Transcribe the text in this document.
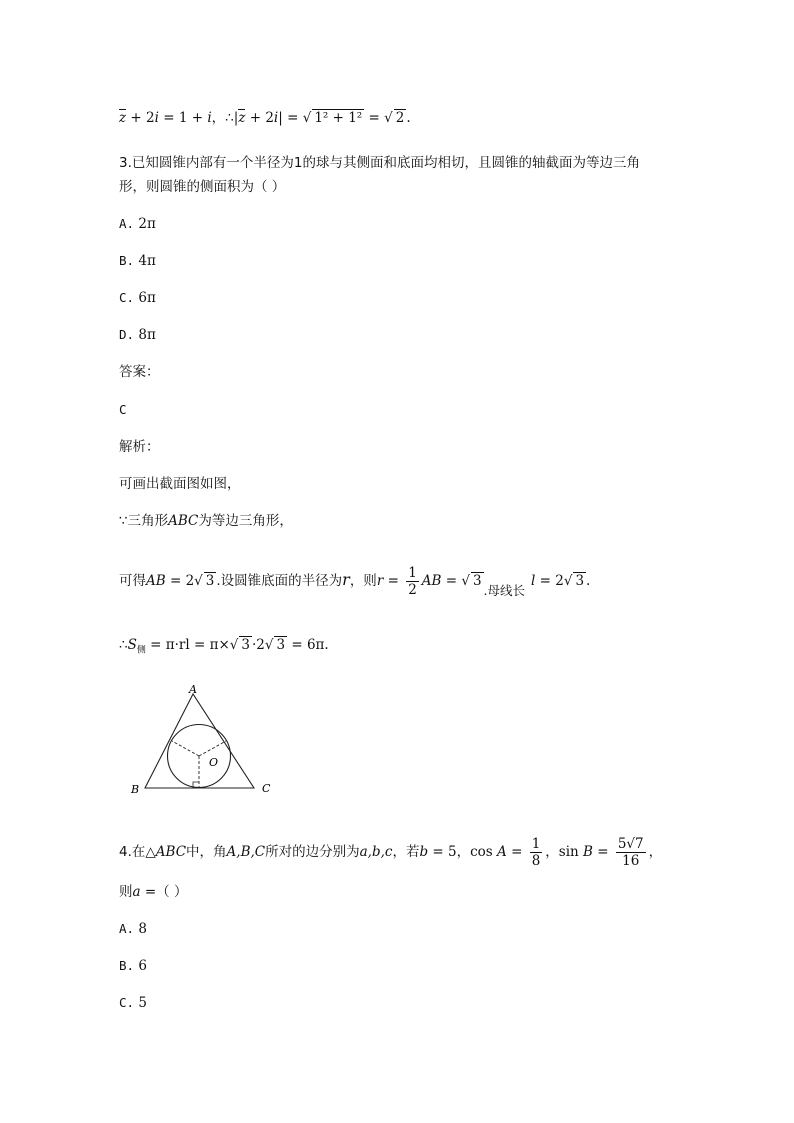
z + 2i = 1 + i，∴|z + 2i| = √ 1² + 1² = √ 2 .
3.已知圆锥内部有一个半径为1的球与其侧面和底面均相切，且圆锥的轴截面为等边三角
形，则圆锥的侧面积为（ ）
A. 2π
B. 4π
C. 6π
D. 8π
答案：
C
解析：
可画出截面图如图，
∵三角形ABC为等边三角形，
可得AB = 2√ 3 .设圆锥底面的半径为r，则$r = \frac{1}{2}$ AB = √ 3.母线长l = 2√ 3 .
$\therefore S_侧 = \pi\cdot rl = \pi\times√$ 3 ·2√ 3 = 6π.
A
B	C
O
4.在△ABC中，角A,B,C所对的边分别为a,b,c，若b = 5，$\cos A = \frac{1}{8}$ ，$\sin B = \frac{5√7}{16}$ ，
则a =（ ）
A. 8
B. 6
C. 5
